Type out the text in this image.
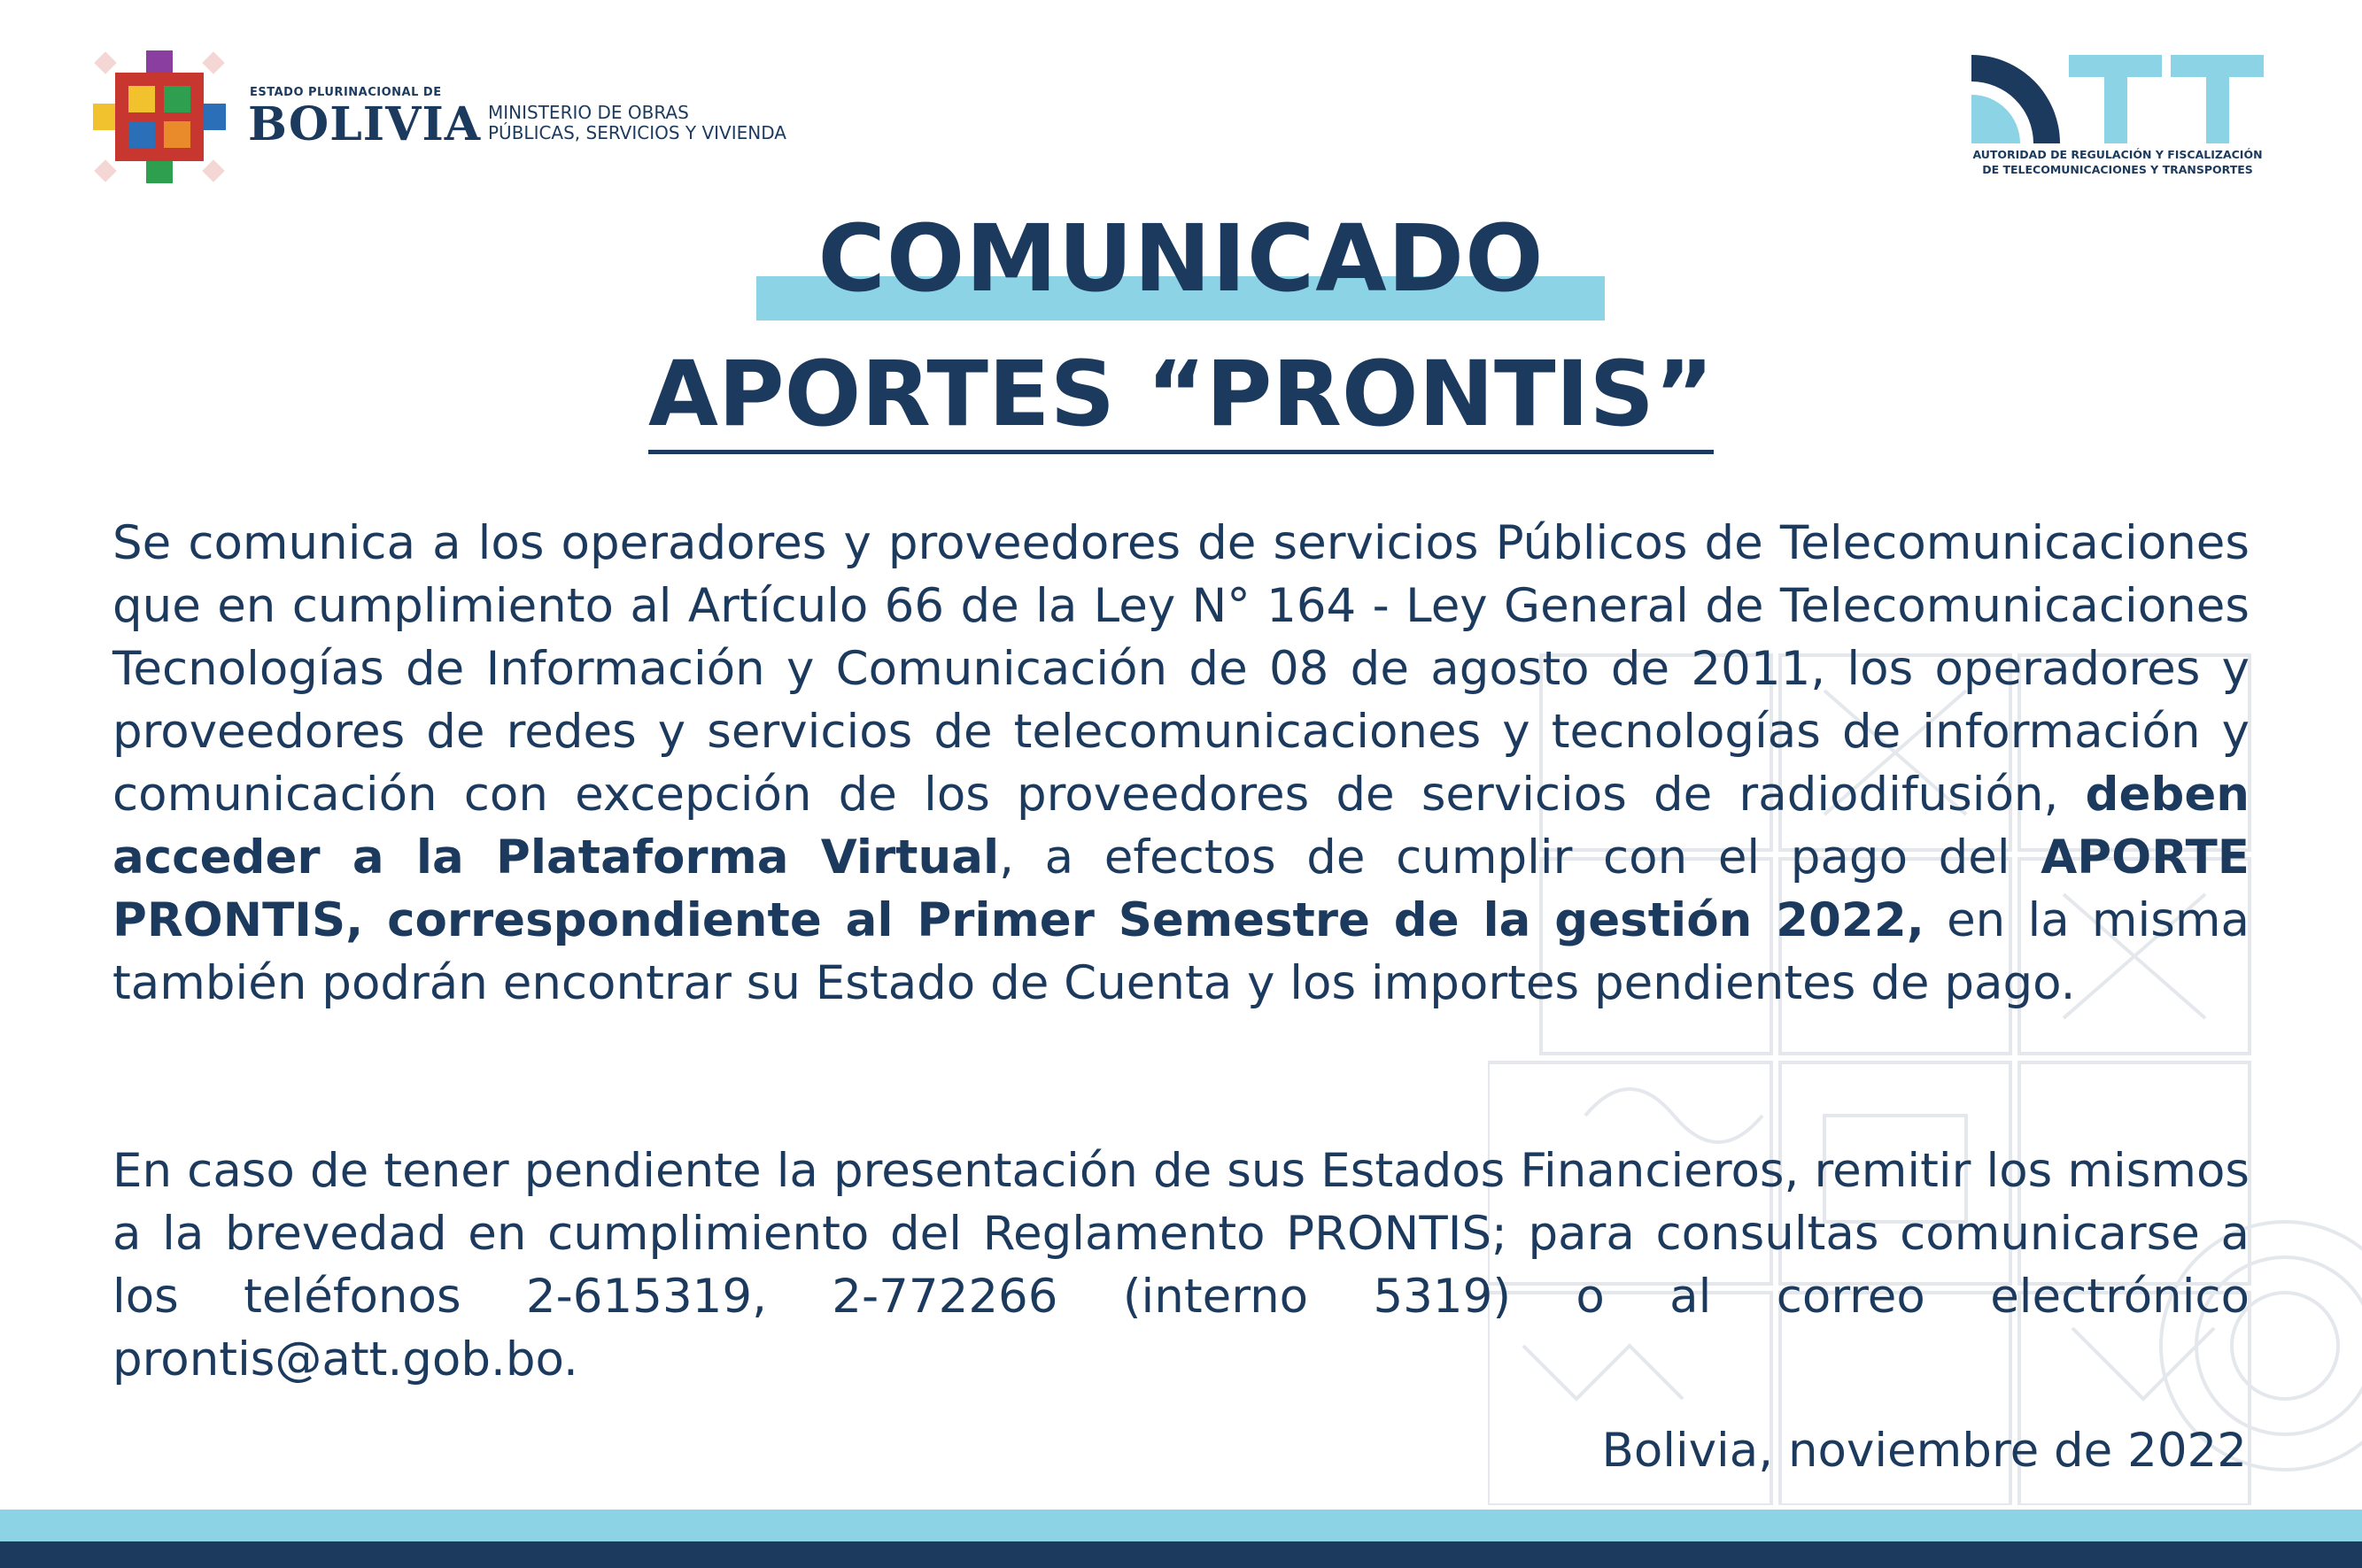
ESTADO PLURINACIONAL DE
BOLIVIA MINISTERIO DE OBRAS
PÚBLICAS, SERVICIOS Y VIVIENDA
AUTORIDAD DE REGULACIÓN Y FISCALIZACIÓN
DE TELECOMUNICACIONES Y TRANSPORTES
COMUNICADO
APORTES “PRONTIS”
Se comunica a los operadores y proveedores de servicios Públicos de Telecomunicaciones que en cumplimiento al Artículo 66 de la Ley N° 164 - Ley General de Telecomunicaciones Tecnologías de Información y Comunicación de 08 de agosto de 2011, los operadores y proveedores de redes y servicios de telecomunicaciones y tecnologías de información y comunicación con excepción de los proveedores de servicios de radiodifusión, deben acceder a la Plataforma Virtual, a efectos de cumplir con el pago del APORTE PRONTIS, correspondiente al Primer Semestre de la gestión 2022, en la misma también podrán encontrar su Estado de Cuenta y los importes pendientes de pago.
En caso de tener pendiente la presentación de sus Estados Financieros, remitir los mismos a la brevedad en cumplimiento del Reglamento PRONTIS; para consultas comunicarse a los teléfonos 2-615319, 2-772266 (interno 5319) o al correo electrónico prontis@att.gob.bo.
Bolivia, noviembre de 2022
